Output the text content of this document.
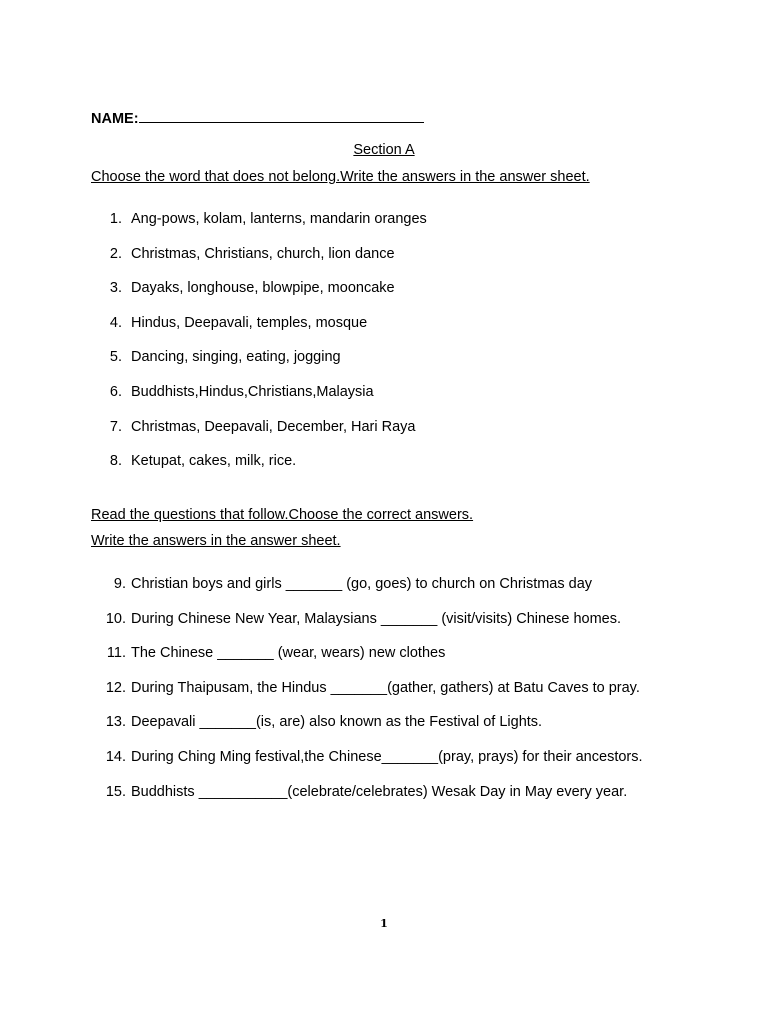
NAME:
Section A
Choose the word that does not belong.Write the answers in the answer sheet.
1. Ang-pows, kolam, lanterns, mandarin oranges
2. Christmas, Christians, church, lion dance
3. Dayaks, longhouse, blowpipe, mooncake
4. Hindus, Deepavali, temples, mosque
5. Dancing, singing, eating, jogging
6. Buddhists,Hindus,Christians,Malaysia
7. Christmas, Deepavali, December, Hari Raya
8. Ketupat, cakes, milk, rice.
Read the questions that follow.Choose the correct answers.
Write the answers in the answer sheet.
9. Christian boys and girls _______ (go, goes) to church on Christmas day
10. During Chinese New Year, Malaysians _______ (visit/visits) Chinese homes.
11. The Chinese _______ (wear, wears) new clothes
12. During Thaipusam, the Hindus _______(gather, gathers) at Batu Caves to pray.
13. Deepavali _______(is, are) also known as the Festival of Lights.
14. During Ching Ming festival,the Chinese_______(pray, prays) for their ancestors.
15. Buddhists ___________(celebrate/celebrates) Wesak Day in May every year.
1
